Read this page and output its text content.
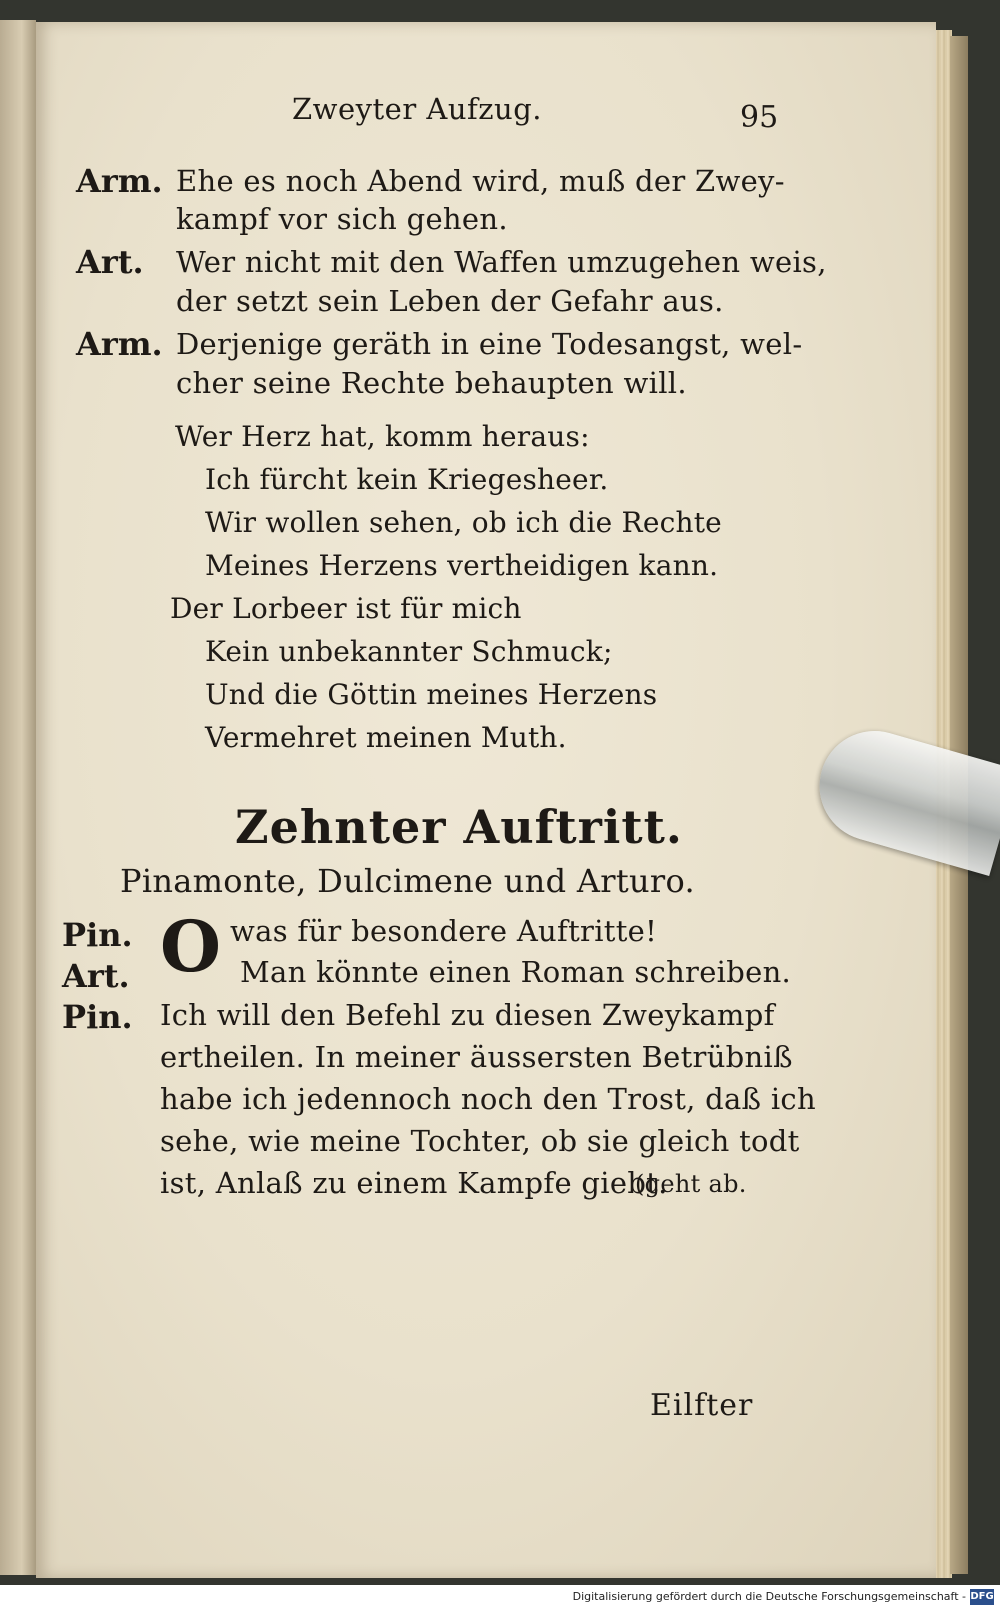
Zweyter Aufzug.	95
Arm. Ehe es noch Abend wird, muß der Zwey-
kampf vor sich gehen.
Art. Wer nicht mit den Waffen umzugehen weis,
der setzt sein Leben der Gefahr aus.
Arm. Derjenige geräth in eine Todesangst, wel-
cher seine Rechte behaupten will.
Wer Herz hat, komm heraus:
Ich fürcht kein Kriegesheer.
Wir wollen sehen, ob ich die Rechte
Meines Herzens vertheidigen kann.
Der Lorbeer ist für mich
Kein unbekannter Schmuck;
Und die Göttin meines Herzens
Vermehret meinen Muth.
Zehnter Auftritt.
Pinamonte, Dulcimene und Arturo.
Pin.
Art.
Pin.
O was für besondere Auftritte!
Man könnte einen Roman schreiben.
Ich will den Befehl zu diesen Zweykampf
ertheilen. In meiner äussersten Betrübniß
habe ich jedennoch noch den Trost, daß ich
sehe, wie meine Tochter, ob sie gleich todt
ist, Anlaß zu einem Kampfe giebt.
(geht ab.
Eilfter
Digitalisierung gefördert durch die Deutsche Forschungsgemeinschaft - DFG
